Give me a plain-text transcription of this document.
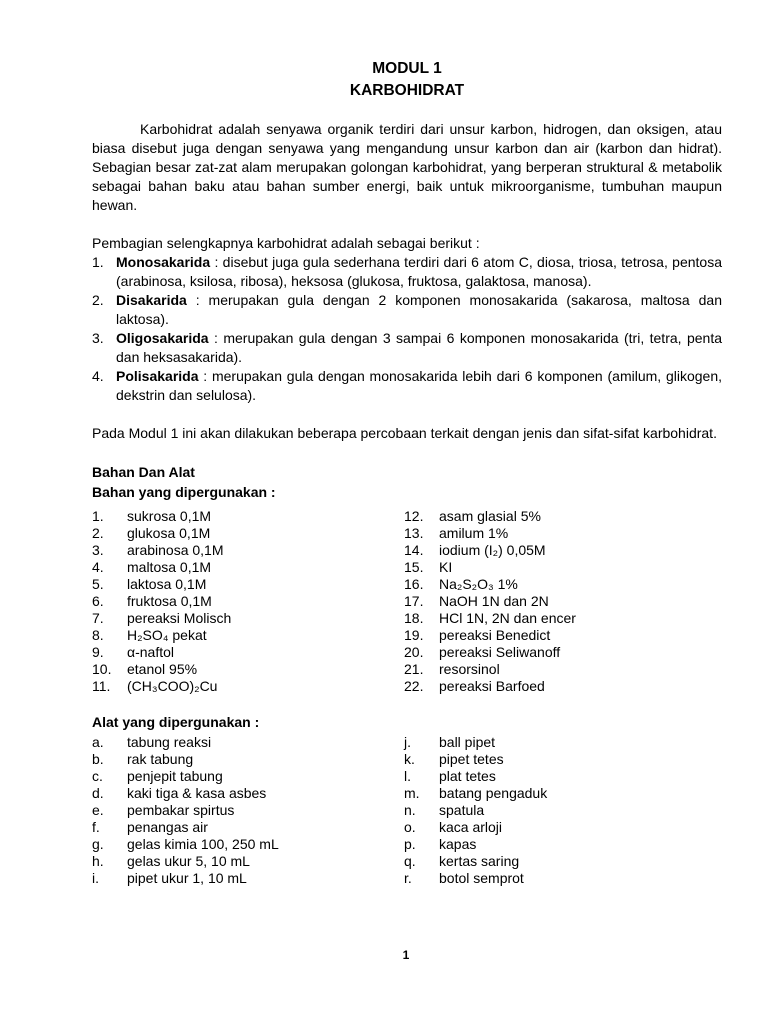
MODUL 1
KARBOHIDRAT

Karbohidrat adalah senyawa organik terdiri dari unsur karbon, hidrogen, dan oksigen, atau biasa disebut juga dengan senyawa yang mengandung unsur karbon dan air (karbon dan hidrat). Sebagian besar zat-zat alam merupakan golongan karbohidrat, yang berperan struktural & metabolik sebagai bahan baku atau bahan sumber energi, baik untuk mikroorganisme, tumbuhan maupun hewan.

Pembagian selengkapnya karbohidrat adalah sebagai berikut :

1. Monosakarida : disebut juga gula sederhana terdiri dari 6 atom C, diosa, triosa, tetrosa, pentosa (arabinosa, ksilosa, ribosa), heksosa (glukosa, fruktosa, galaktosa, manosa).
2. Disakarida : merupakan gula dengan 2 komponen monosakarida (sakarosa, maltosa dan laktosa).
3. Oligosakarida : merupakan gula dengan 3 sampai 6 komponen monosakarida (tri, tetra, penta dan heksasakarida).
4. Polisakarida : merupakan gula dengan monosakarida lebih dari 6 komponen (amilum, glikogen, dekstrin dan selulosa).

Pada Modul 1 ini akan dilakukan beberapa percobaan terkait dengan jenis dan sifat-sifat karbohidrat.

Bahan Dan Alat
Bahan yang dipergunakan :
1.	sukrosa 0,1M
2.	glukosa 0,1M
3.	arabinosa 0,1M
4.	maltosa 0,1M
5.	laktosa 0,1M
6.	fruktosa 0,1M
7.	pereaksi Molisch
8.	H₂SO₄ pekat
9.	α-naftol
10.	etanol 95%
11.	(CH₃COO)₂Cu
12.	asam glasial 5%
13.	amilum 1%
14.	iodium (I₂) 0,05M
15.	KI
16.	Na₂S₂O₃ 1%
17.	NaOH 1N dan 2N
18.	HCl 1N, 2N dan encer
19.	pereaksi Benedict
20.	pereaksi Seliwanoff
21.	resorsinol
22.	pereaksi Barfoed
Alat yang dipergunakan :
a.	tabung reaksi
b.	rak tabung
c.	penjepit tabung
d.	kaki tiga & kasa asbes
e.	pembakar spirtus
f.	penangas air
g.	gelas kimia 100, 250 mL
h.	gelas ukur 5, 10 mL
i.	pipet ukur 1, 10 mL
j.	ball pipet
k.	pipet tetes
l.	plat tetes
m.	batang pengaduk
n.	spatula
o.	kaca arloji
p.	kapas
q.	kertas saring
r.	botol semprot
1
